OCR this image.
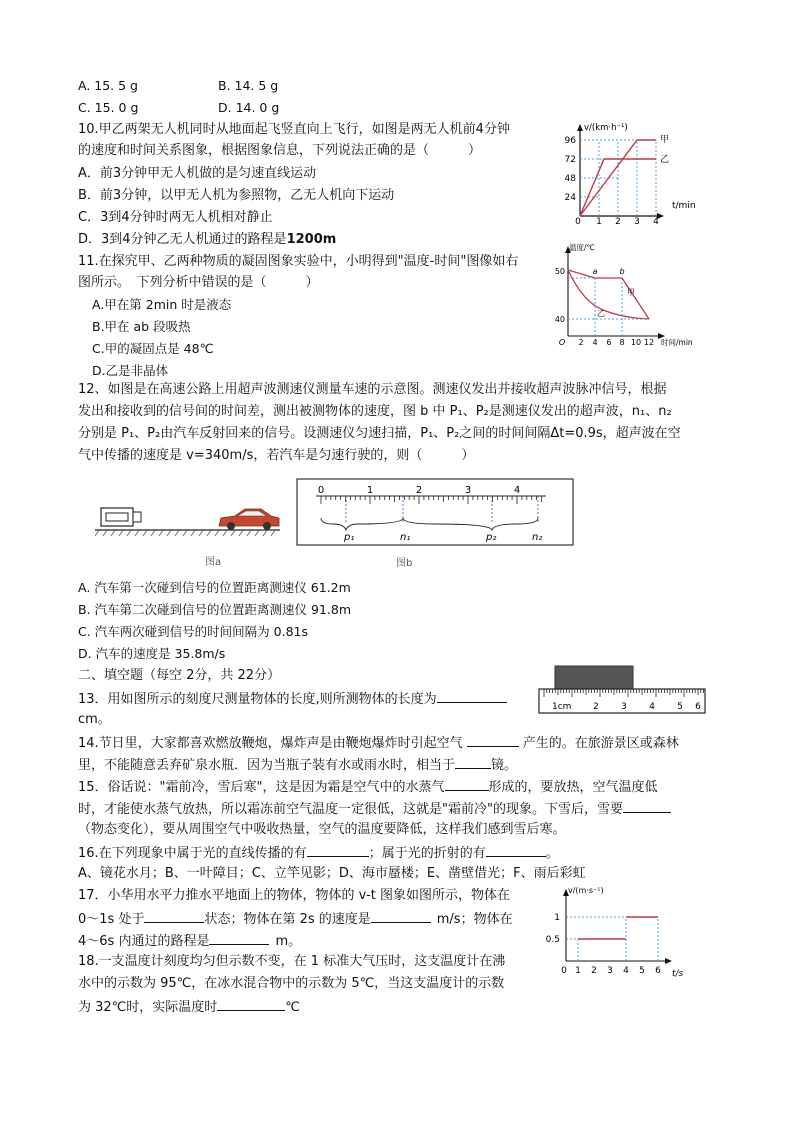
A. 15. 5 g	B. 14. 5 g
C. 15. 0 g	D. 14. 0 g
10.甲乙两架无人机同时从地面起飞竖直向上飞行，如图是两无人机前4分钟
的速度和时间关系图象，根据图象信息，下列说法正确的是（　　　）
A．前3分钟甲无人机做的是匀速直线运动
B．前3分钟，以甲无人机为参照物，乙无人机向下运动
C．3到4分钟时两无人机相对静止
D．3到4分钟乙无人机通过的路程是1200m
v/(km·h⁻¹)
96
72
48
24
0 1 2 3 4
t/min
甲
乙
11.在探究甲、乙两种物质的凝固图象实验中，小明得到"温度-时间"图像如右
图所示。　下列分析中错误的是（　　　）
A.甲在第 2min 时是液态
B.甲在 ab 段吸热
C.甲的凝固点是 48℃
D.乙是非晶体
温度/℃
50
40
O 2 4 6 8 10 12 时间/min
a	b
甲
乙
12、如图是在高速公路上用超声波测速仪测量车速的示意图。测速仪发出并接收超声波脉冲信号，根据
发出和接收到的信号间的时间差，测出被测物体的速度，图 b 中 P₁、P₂是测速仪发出的超声波，n₁、n₂
分别是 P₁、P₂由汽车反射回来的信号。设测速仪匀速扫描，P₁、P₂之间的时间间隔Δt=0.9s，超声波在空
气中传播的速度是 v=340m/s，若汽车是匀速行驶的，则（　　　）
图a
0	1	2	3	4
p₁	n₁	p₂	n₂
图b
A. 汽车第一次碰到信号的位置距离测速仪 61.2m
B. 汽车第二次碰到信号的位置距离测速仪 91.8m
C. 汽车两次碰到信号的时间间隔为 0.81s
D. 汽车的速度是 35.8m/s
二、填空题（每空 2分，共 22分）
13．用如图所示的刻度尺测量物体的长度,则所测物体的长度为
cm。
1cm 2 3 4 5 6
14.节日里，大家都喜欢燃放鞭炮，爆炸声是由鞭炮爆炸时引起空气	产生的。在旅游景区或森林
里，不能随意丢弃矿泉水瓶．因为当瓶子装有水或雨水时，相当于	镜。
15．俗话说："霜前冷，雪后寒"，这是因为霜是空气中的水蒸气	形成的，要放热，空气温度低
时，才能使水蒸气放热，所以霜冻前空气温度一定很低，这就是"霜前冷"的现象。下雪后，雪要
（物态变化），要从周围空气中吸收热量，空气的温度要降低，这样我们感到雪后寒。
16.在下列现象中属于光的直线传播的有	；属于光的折射的有	。
A、镜花水月；B、一叶障目；C、立竿见影；D、海市蜃楼；E、凿壁借光；F、雨后彩虹
17．小华用水平力推水平地面上的物体，物体的 v-t 图象如图所示，物体在
0～1s 处于	状态；物体在第 2s 的速度是	m/s；物体在
4～6s 内通过的路程是	m。
v/(m·s⁻¹)
1
0.5
0 1 2 3 4 5 6 t/s
18.一支温度计刻度均匀但示数不变，在 1 标准大气压时，这支温度计在沸
水中的示数为 95℃，在冰水混合物中的示数为 5℃，当这支温度计的示数
为 32℃时，实际温度时	℃
